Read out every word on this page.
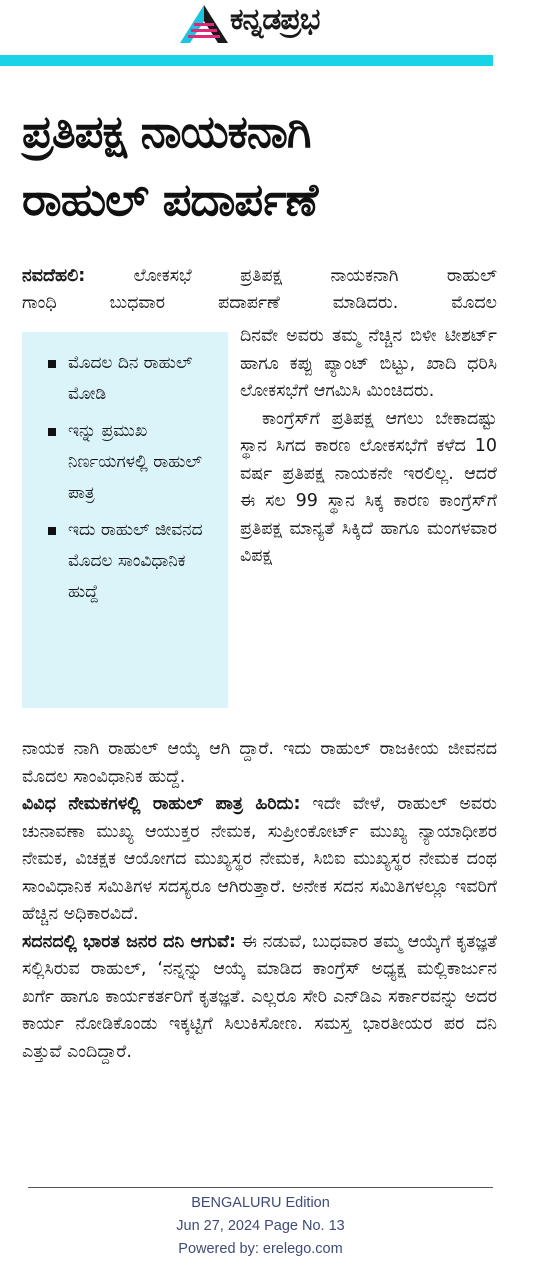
ಕನ್ನಡಪ್ರಭ
ಪ್ರತಿಪಕ್ಷ ನಾಯಕನಾಗಿ
ರಾಹುಲ್ ಪದಾರ್ಪಣೆ

ನವದೆಹಲಿ: ಲೋಕಸಭೆ ಪ್ರತಿಪಕ್ಷ ನಾಯಕನಾಗಿ ರಾಹುಲ್

ಗಾಂಧಿ ಬುಧವಾರ ಪದಾರ್ಪಣೆ ಮಾಡಿದರು. ಮೊದಲ

ಮೊದಲ ದಿನ ರಾಹುಲ್ ಮೋಡಿ
ಇನ್ನು ಪ್ರಮುಖ ನಿರ್ಣಯಗಳಲ್ಲಿ ರಾಹುಲ್ ಪಾತ್ರ
ಇದು ರಾಹುಲ್ ಜೀವನದ ಮೊದಲ ಸಾಂವಿಧಾನಿಕ ಹುದ್ದೆ

ದಿನವೇ ಅವರು ತಮ್ಮ ನೆಚ್ಚಿನ ಬಿಳೀ ಟೀಶರ್ಟ್ ಹಾಗೂ ಕಪ್ಪು ಪ್ಯಾಂಟ್ ಬಿಟ್ಟು, ಖಾದಿ ಧರಿಸಿ ಲೋಕಸಭೆಗೆ ಆಗಮಿಸಿ ಮಿಂಚಿದರು.

ಕಾಂಗ್ರೆಸ್‌ಗೆ ಪ್ರತಿಪಕ್ಷ ಆಗಲು ಬೇಕಾದಷ್ಟು ಸ್ಥಾನ ಸಿಗದ ಕಾರಣ ಲೋಕಸಭೆಗೆ ಕಳೆದ 10 ವರ್ಷ ಪ್ರತಿಪಕ್ಷ ನಾಯಕನೇ ಇರಲಿಲ್ಲ. ಆದರೆ ಈ ಸಲ 99 ಸ್ಥಾನ ಸಿಕ್ಕ ಕಾರಣ ಕಾಂಗ್ರೆಸ್‌ಗೆ ಪ್ರತಿಪಕ್ಷ ಮಾನ್ಯತೆ ಸಿಕ್ಕಿದೆ ಹಾಗೂ ಮಂಗಳವಾರ ವಿಪಕ್ಷ

ನಾಯಕ ನಾಗಿ ರಾಹುಲ್ ಆಯ್ಕೆ ಆಗಿ ದ್ದಾರೆ. ಇದು ರಾಹುಲ್ ರಾಜಕೀಯ ಜೀವನದ ಮೊದಲ ಸಾಂವಿಧಾನಿಕ ಹುದ್ದೆ.

ವಿವಿಧ ನೇಮಕಗಳಲ್ಲಿ ರಾಹುಲ್ ಪಾತ್ರ ಹಿರಿದು: ಇದೇ ವೇಳೆ, ರಾಹುಲ್ ಅವರು ಚುನಾವಣಾ ಮುಖ್ಯ ಆಯುಕ್ತರ ನೇಮಕ, ಸುಪ್ರೀಂಕೋರ್ಟ್ ಮುಖ್ಯ ನ್ಯಾಯಾಧೀಶರ ನೇಮಕ, ವಿಚಕ್ಷಕ ಆಯೋಗದ ಮುಖ್ಯಸ್ಥರ ನೇಮಕ, ಸಿಬಿಐ ಮುಖ್ಯಸ್ಥರ ನೇಮಕ ದಂಥ ಸಾಂವಿಧಾನಿಕ ಸಮಿತಿಗಳ ಸದಸ್ಯರೂ ಆಗಿರುತ್ತಾರೆ. ಅನೇಕ ಸದನ ಸಮಿತಿಗಳಲ್ಲೂ ಇವರಿಗೆ ಹೆಚ್ಚಿನ ಅಧಿಕಾರವಿದೆ.

ಸದನದಲ್ಲಿ ಭಾರತ ಜನರ ದನಿ ಆಗುವೆ: ಈ ನಡುವೆ, ಬುಧವಾರ ತಮ್ಮ ಆಯ್ಕೆಗೆ ಕೃತಜ್ಞತೆ ಸಲ್ಲಿಸಿರುವ ರಾಹುಲ್, ‘ನನ್ನನ್ನು ಆಯ್ಕೆ ಮಾಡಿದ ಕಾಂಗ್ರೆಸ್ ಅಧ್ಯಕ್ಷ ಮಲ್ಲಿಕಾರ್ಜುನ ಖರ್ಗೆ ಹಾಗೂ ಕಾರ್ಯಕರ್ತರಿಗೆ ಕೃತಜ್ಞತೆ. ಎಲ್ಲರೂ ಸೇರಿ ಎನ್‌ಡಿಎ ಸರ್ಕಾರವನ್ನು ಅದರ ಕಾರ್ಯ ನೋಡಿಕೊಂಡು ಇಕ್ಕಟ್ಟಿಗೆ ಸಿಲುಕಿಸೋಣ. ಸಮಸ್ತ ಭಾರತೀಯರ ಪರ ದನಿ ಎತ್ತುವೆ ಎಂದಿದ್ದಾರೆ.

BENGALURU Edition
Jun 27, 2024 Page No. 13
Powered by: erelego.com
